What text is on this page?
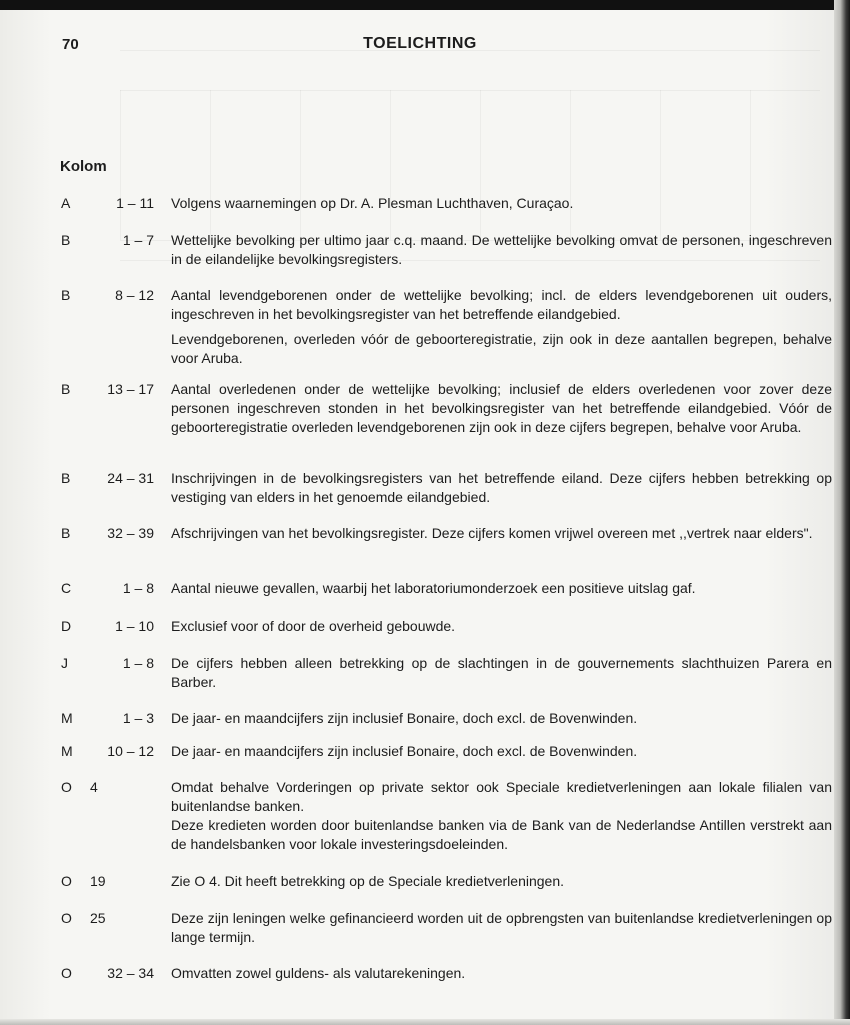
70	TOELICHTING
Kolom
A	1 – 11 Volgens waarnemingen op Dr. A. Plesman Luchthaven, Curaçao.

B	1 – 7 Wettelijke bevolking per ultimo jaar c.q. maand. De wettelijke bevolking omvat de personen, ingeschreven in de eilandelijke bevolkingsregisters.

B	8 – 12 Aantal levendgeborenen onder de wettelijke bevolking; incl. de elders levendgeborenen uit ouders, ingeschreven in het bevolkingsregister van het betreffende eilandgebied.

Levendgeborenen, overleden vóór de geboorteregistratie, zijn ook in deze aantallen begrepen, behalve voor Aruba.

B	13 – 17 Aantal overledenen onder de wettelijke bevolking; inclusief de elders overledenen voor zover deze personen ingeschreven stonden in het bevolkingsregister van het betreffende eilandgebied. Vóór de geboorteregistratie overleden levendgeborenen zijn ook in deze cijfers begrepen, behalve voor Aruba.

B	24 – 31 Inschrijvingen in de bevolkingsregisters van het betreffende eiland. Deze cijfers hebben betrekking op vestiging van elders in het genoemde eilandgebied.

B	32 – 39 Afschrijvingen van het bevolkingsregister. Deze cijfers komen vrijwel overeen met ,,vertrek naar elders".

C	1 – 8 Aantal nieuwe gevallen, waarbij het laboratoriumonderzoek een positieve uitslag gaf.

D	1 – 10 Exclusief voor of door de overheid gebouwde.

J	1 – 8 De cijfers hebben alleen betrekking op de slachtingen in de gouvernements slachthuizen Parera en Barber.

M	1 – 3 De jaar- en maandcijfers zijn inclusief Bonaire, doch excl. de Bovenwinden.

M	10 – 12 De jaar- en maandcijfers zijn inclusief Bonaire, doch excl. de Bovenwinden.

O 4	Omdat behalve Vorderingen op private sektor ook Speciale kredietverleningen aan lokale filialen van buitenlandse banken.

Deze kredieten worden door buitenlandse banken via de Bank van de Nederlandse Antillen verstrekt aan de handelsbanken voor lokale investeringsdoeleinden.

O 19	Zie O 4. Dit heeft betrekking op de Speciale kredietverleningen.

O 25	Deze zijn leningen welke gefinancieerd worden uit de opbrengsten van buitenlandse kredietverleningen op lange termijn.

O	32 – 34 Omvatten zowel guldens- als valutarekeningen.
